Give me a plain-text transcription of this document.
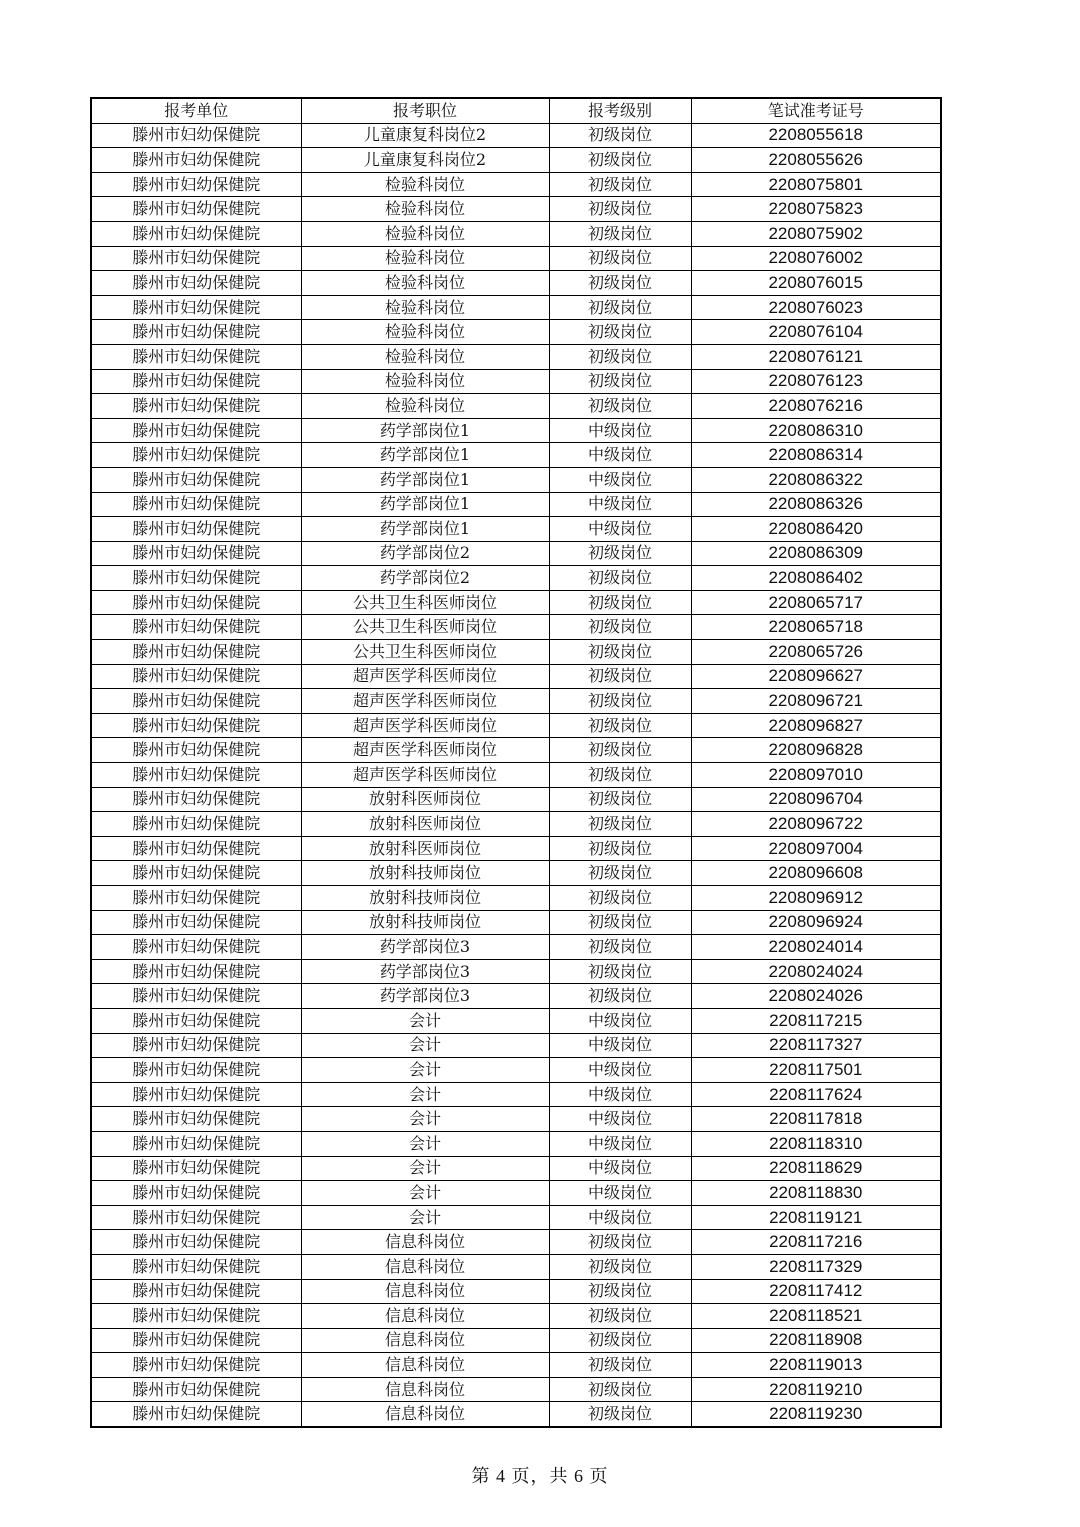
报考单位	报考职位	报考级别	笔试准考证号
滕州市妇幼保健院	儿童康复科岗位2	初级岗位	2208055618
滕州市妇幼保健院	儿童康复科岗位2	初级岗位	2208055626
滕州市妇幼保健院	检验科岗位	初级岗位	2208075801
滕州市妇幼保健院	检验科岗位	初级岗位	2208075823
滕州市妇幼保健院	检验科岗位	初级岗位	2208075902
滕州市妇幼保健院	检验科岗位	初级岗位	2208076002
滕州市妇幼保健院	检验科岗位	初级岗位	2208076015
滕州市妇幼保健院	检验科岗位	初级岗位	2208076023
滕州市妇幼保健院	检验科岗位	初级岗位	2208076104
滕州市妇幼保健院	检验科岗位	初级岗位	2208076121
滕州市妇幼保健院	检验科岗位	初级岗位	2208076123
滕州市妇幼保健院	检验科岗位	初级岗位	2208076216
滕州市妇幼保健院	药学部岗位1	中级岗位	2208086310
滕州市妇幼保健院	药学部岗位1	中级岗位	2208086314
滕州市妇幼保健院	药学部岗位1	中级岗位	2208086322
滕州市妇幼保健院	药学部岗位1	中级岗位	2208086326
滕州市妇幼保健院	药学部岗位1	中级岗位	2208086420
滕州市妇幼保健院	药学部岗位2	初级岗位	2208086309
滕州市妇幼保健院	药学部岗位2	初级岗位	2208086402
滕州市妇幼保健院	公共卫生科医师岗位	初级岗位	2208065717
滕州市妇幼保健院	公共卫生科医师岗位	初级岗位	2208065718
滕州市妇幼保健院	公共卫生科医师岗位	初级岗位	2208065726
滕州市妇幼保健院	超声医学科医师岗位	初级岗位	2208096627
滕州市妇幼保健院	超声医学科医师岗位	初级岗位	2208096721
滕州市妇幼保健院	超声医学科医师岗位	初级岗位	2208096827
滕州市妇幼保健院	超声医学科医师岗位	初级岗位	2208096828
滕州市妇幼保健院	超声医学科医师岗位	初级岗位	2208097010
滕州市妇幼保健院	放射科医师岗位	初级岗位	2208096704
滕州市妇幼保健院	放射科医师岗位	初级岗位	2208096722
滕州市妇幼保健院	放射科医师岗位	初级岗位	2208097004
滕州市妇幼保健院	放射科技师岗位	初级岗位	2208096608
滕州市妇幼保健院	放射科技师岗位	初级岗位	2208096912
滕州市妇幼保健院	放射科技师岗位	初级岗位	2208096924
滕州市妇幼保健院	药学部岗位3	初级岗位	2208024014
滕州市妇幼保健院	药学部岗位3	初级岗位	2208024024
滕州市妇幼保健院	药学部岗位3	初级岗位	2208024026
滕州市妇幼保健院	会计	中级岗位	2208117215
滕州市妇幼保健院	会计	中级岗位	2208117327
滕州市妇幼保健院	会计	中级岗位	2208117501
滕州市妇幼保健院	会计	中级岗位	2208117624
滕州市妇幼保健院	会计	中级岗位	2208117818
滕州市妇幼保健院	会计	中级岗位	2208118310
滕州市妇幼保健院	会计	中级岗位	2208118629
滕州市妇幼保健院	会计	中级岗位	2208118830
滕州市妇幼保健院	会计	中级岗位	2208119121
滕州市妇幼保健院	信息科岗位	初级岗位	2208117216
滕州市妇幼保健院	信息科岗位	初级岗位	2208117329
滕州市妇幼保健院	信息科岗位	初级岗位	2208117412
滕州市妇幼保健院	信息科岗位	初级岗位	2208118521
滕州市妇幼保健院	信息科岗位	初级岗位	2208118908
滕州市妇幼保健院	信息科岗位	初级岗位	2208119013
滕州市妇幼保健院	信息科岗位	初级岗位	2208119210
滕州市妇幼保健院	信息科岗位	初级岗位	2208119230
第 4 页，共 6 页
